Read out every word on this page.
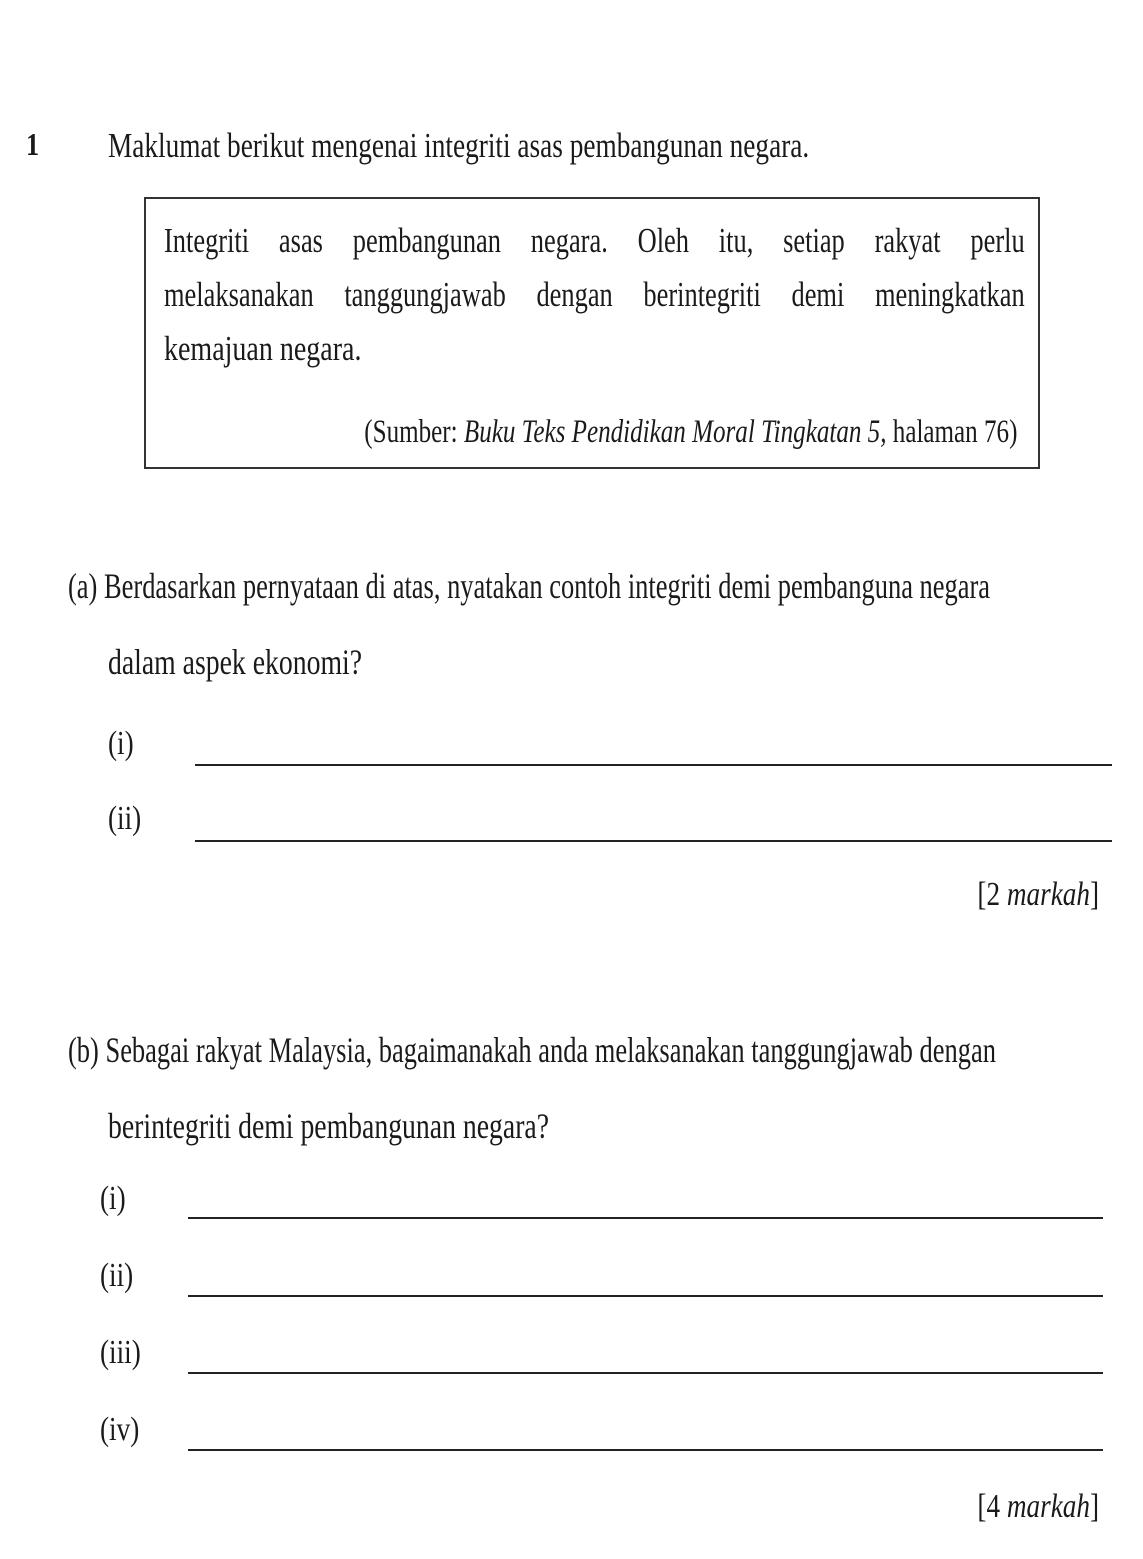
1 Maklumat berikut mengenai integriti asas pembangunan negara.
Integriti asas pembangunan negara. Oleh itu, setiap rakyat perlu
melaksanakan tanggungjawab dengan berintegriti demi meningkatkan
kemajuan negara.
(Sumber: Buku Teks Pendidikan Moral Tingkatan 5, halaman 76)
(a) Berdasarkan pernyataan di atas, nyatakan contoh integriti demi pembanguna negara
dalam aspek ekonomi?
(i)
(ii)
[2 markah]
(b) Sebagai rakyat Malaysia, bagaimanakah anda melaksanakan tanggungjawab dengan
berintegriti demi pembangunan negara?
(i)
(ii)
(iii)
(iv)
[4 markah]
